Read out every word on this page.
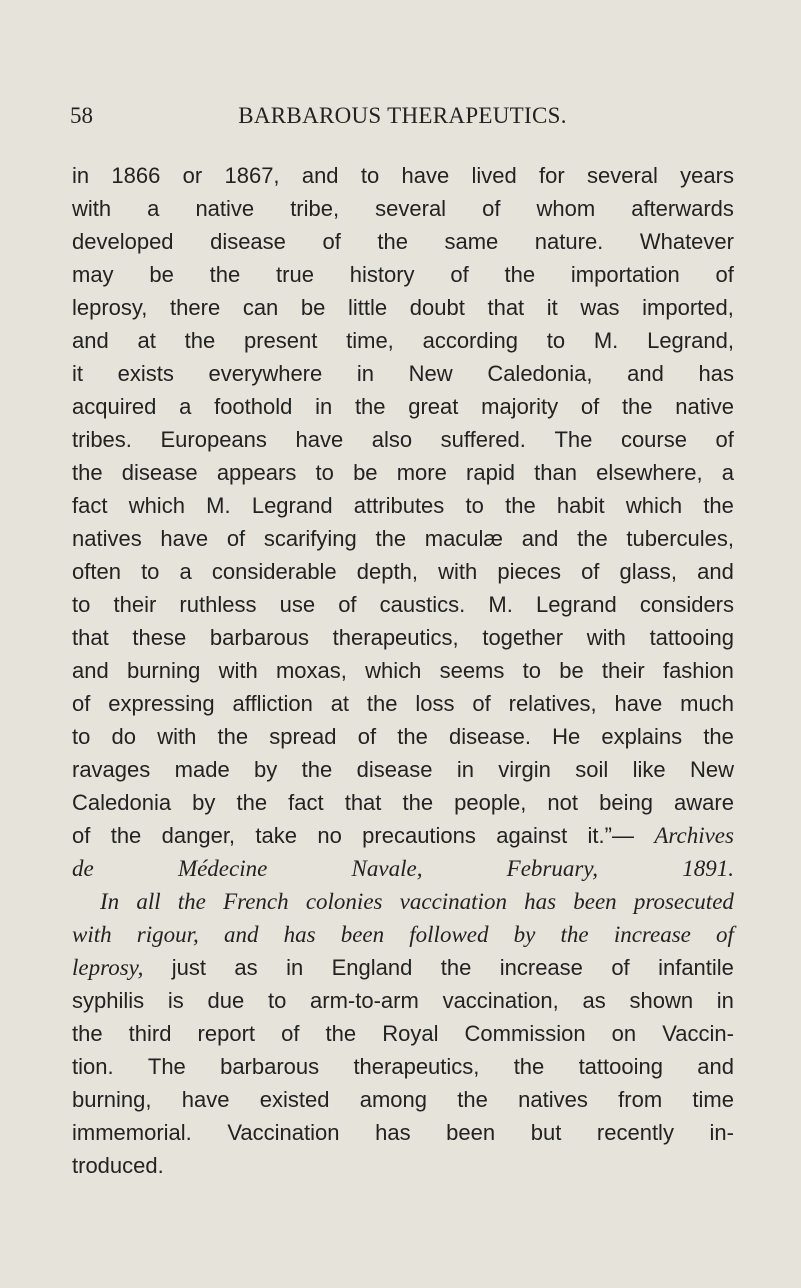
58	BARBAROUS THERAPEUTICS.
in 1866 or 1867, and to have lived for several years
with a native tribe, several of whom afterwards
developed disease of the same nature. Whatever
may be the true history of the importation of
leprosy, there can be little doubt that it was imported,
and at the present time, according to M. Legrand,
it exists everywhere in New Caledonia, and has
acquired a foothold in the great majority of the native
tribes. Europeans have also suffered. The course of
the disease appears to be more rapid than elsewhere, a
fact which M. Legrand attributes to the habit which the
natives have of scarifying the maculæ and the tubercules,
often to a considerable depth, with pieces of glass, and
to their ruthless use of caustics. M. Legrand considers
that these barbarous therapeutics, together with tattooing
and burning with moxas, which seems to be their fashion
of expressing affliction at the loss of relatives, have much
to do with the spread of the disease. He explains the
ravages made by the disease in virgin soil like New
Caledonia by the fact that the people, not being aware
of the danger, take no precautions against it.”— Archives
de	Médecine	Navale,	February,	1891.
In all the French colonies vaccination has been prosecuted
with rigour, and has been followed by the increase of
leprosy, just as in England the increase of infantile
syphilis is due to arm-to-arm vaccination, as shown in
the third report of the Royal Commission on Vaccin-
tion. The barbarous therapeutics, the tattooing and
burning, have existed among the natives from time
immemorial. Vaccination has been but recently in-
troduced.
